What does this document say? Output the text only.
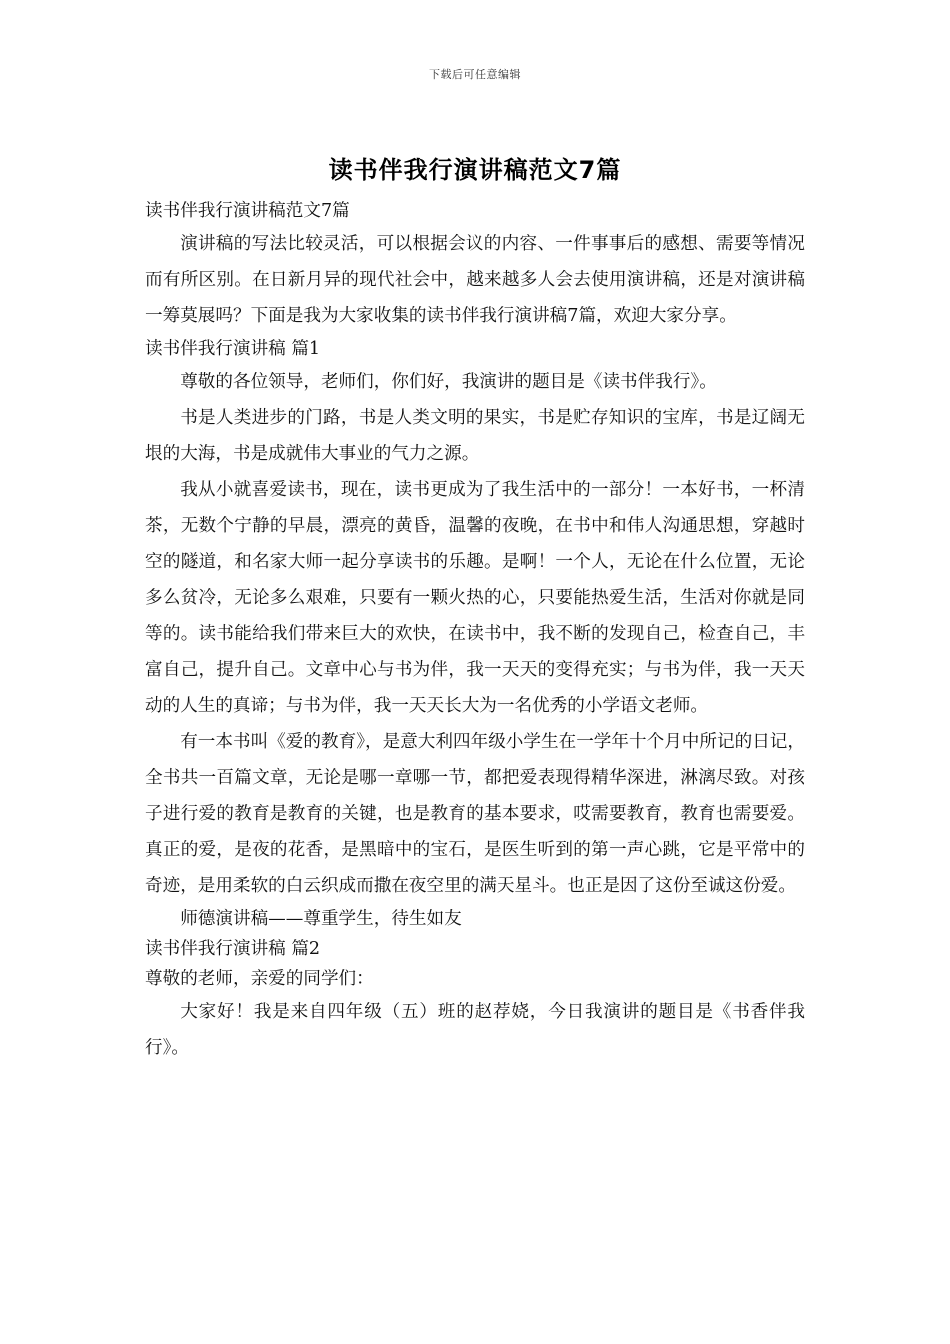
下载后可任意编辑
读书伴我行演讲稿范文7篇

读书伴我行演讲稿范文7篇

演讲稿的写法比较灵活，可以根据会议的内容、一件事事后的感想、需要等情况而有所区别。在日新月异的现代社会中，越来越多人会去使用演讲稿，还是对演讲稿一筹莫展吗？下面是我为大家收集的读书伴我行演讲稿7篇，欢迎大家分享。

读书伴我行演讲稿 篇1

尊敬的各位领导，老师们，你们好，我演讲的题目是《读书伴我行》。

书是人类进步的门路，书是人类文明的果实，书是贮存知识的宝库，书是辽阔无垠的大海，书是成就伟大事业的气力之源。

我从小就喜爱读书，现在，读书更成为了我生活中的一部分！一本好书，一杯清茶，无数个宁静的早晨，漂亮的黄昏，温馨的夜晚，在书中和伟人沟通思想，穿越时空的隧道，和名家大师一起分享读书的乐趣。是啊！一个人，无论在什么位置，无论多么贫冷，无论多么艰难，只要有一颗火热的心，只要能热爱生活，生活对你就是同等的。读书能给我们带来巨大的欢快，在读书中，我不断的发现自己，检查自己，丰富自己，提升自己。文章中心与书为伴，我一天天的变得充实；与书为伴，我一天天动的人生的真谛；与书为伴，我一天天长大为一名优秀的小学语文老师。

有一本书叫《爱的教育》，是意大利四年级小学生在一学年十个月中所记的日记，全书共一百篇文章，无论是哪一章哪一节，都把爱表现得精华深进，淋漓尽致。对孩子进行爱的教育是教育的关键，也是教育的基本要求，哎需要教育，教育也需要爱。真正的爱，是夜的花香，是黑暗中的宝石，是医生听到的第一声心跳，它是平常中的奇迹，是用柔软的白云织成而撒在夜空里的满天星斗。也正是因了这份至诚这份爱。

师德演讲稿——尊重学生，待生如友

读书伴我行演讲稿 篇2

尊敬的老师，亲爱的同学们：

大家好！我是来自四年级（五）班的赵荐娆，今日我演讲的题目是《书香伴我行》。
